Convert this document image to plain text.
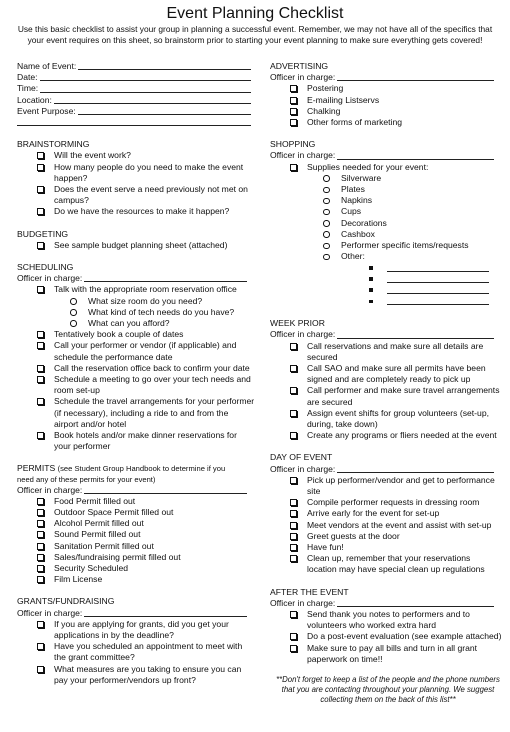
Event Planning Checklist
Use this basic checklist to assist your group in planning a successful event. Remember, we may not have all of the specifics that your event requires on this sheet, so brainstorm prior to starting your event planning to make sure everything gets covered!
Name of Event:
Date:
Time:
Location:
Event Purpose:
BRAINSTORMING
Will the event work?
How many people do you need to make the event happen?
Does the event serve a need previously not met on campus?
Do we have the resources to make it happen?
BUDGETING
See sample budget planning sheet (attached)
SCHEDULING
Officer in charge:
Talk with the appropriate room reservation office
What size room do you need?
What kind of tech needs do you have?
What can you afford?
Tentatively book a couple of dates
Call your performer or vendor (if applicable) and schedule the performance date
Call the reservation office back to confirm your date
Schedule a meeting to go over your tech needs and room set-up
Schedule the travel arrangements for your performer (if necessary), including a ride to and from the airport and/or hotel
Book hotels and/or make dinner reservations for your performer
PERMITS (see Student Group Handbook to determine if you
need any of these permits for your event)
Officer in charge:
Food Permit filled out
Outdoor Space Permit filled out
Alcohol Permit filled out
Sound Permit filled out
Sanitation Permit filled out
Sales/fundraising permit filled out
Security Scheduled
Film License
GRANTS/FUNDRAISING
Officer in charge:
If you are applying for grants, did you get your applications in by the deadline?
Have you scheduled an appointment to meet with the grant committee?
What measures are you taking to ensure you can pay your performer/vendors up front?
ADVERTISING
Officer in charge:
Postering
E-mailing Listservs
Chalking
Other forms of marketing
SHOPPING
Officer in charge:
Supplies needed for your event:
Silverware
Plates
Napkins
Cups
Decorations
Cashbox
Performer specific items/requests
Other:
WEEK PRIOR
Officer in charge:
Call reservations and make sure all details are secured
Call SAO and make sure all permits have been signed and are completely ready to pick up
Call performer and make sure travel arrangements are secured
Assign event shifts for group volunteers (set-up, during, take down)
Create any programs or fliers needed at the event
DAY OF EVENT
Officer in charge:
Pick up performer/vendor and get to performance site
Compile performer requests in dressing room
Arrive early for the event for set-up
Meet vendors at the event and assist with set-up
Greet guests at the door
Have fun!
Clean up, remember that your reservations location may have special clean up regulations
AFTER THE EVENT
Officer in charge:
Send thank you notes to performers and to volunteers who worked extra hard
Do a post-event evaluation (see example attached)
Make sure to pay all bills and turn in all grant paperwork on time!!
**Don't forget to keep a list of the people and the phone numbers that you are contacting throughout your planning. We suggest collecting them on the back of this list**
